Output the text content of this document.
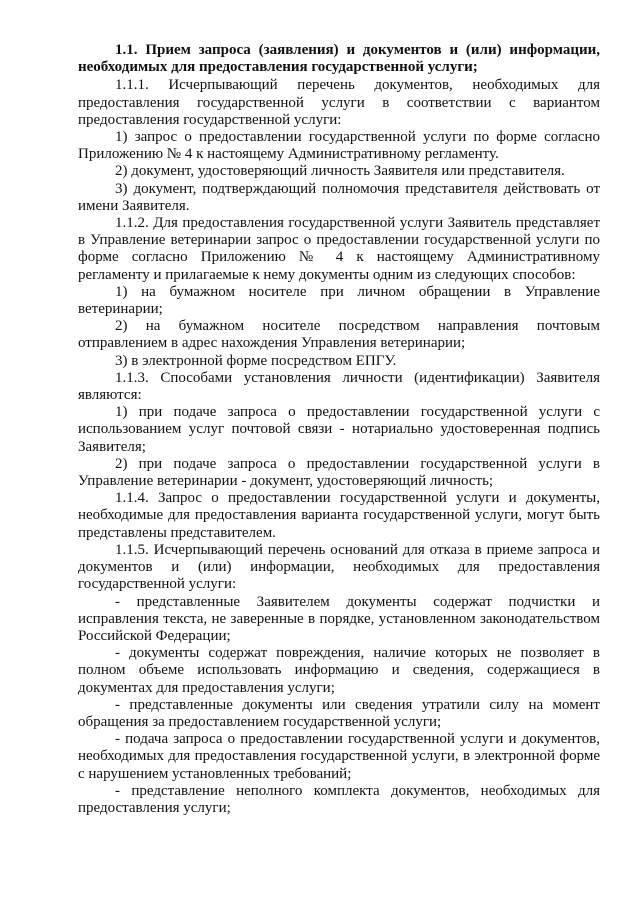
1.1. Прием запроса (заявления) и документов и (или) информации, необходимых для предоставления государственной услуги;

1.1.1. Исчерпывающий перечень документов, необходимых для предоставления государственной услуги в соответствии с вариантом предоставления государственной услуги:

1) запрос о предоставлении государственной услуги по форме согласно Приложению № 4 к настоящему Административному регламенту.

2) документ, удостоверяющий личность Заявителя или представителя.

3) документ, подтверждающий полномочия представителя действовать от имени Заявителя.

1.1.2. Для предоставления государственной услуги Заявитель представляет в Управление ветеринарии запрос о предоставлении государственной услуги по форме согласно Приложению № 4 к настоящему Административному регламенту и прилагаемые к нему документы одним из следующих способов:

1) на бумажном носителе при личном обращении в Управление ветеринарии;

2) на бумажном носителе посредством направления почтовым отправлением в адрес нахождения Управления ветеринарии;

3) в электронной форме посредством ЕПГУ.

1.1.3. Способами установления личности (идентификации) Заявителя являются:

1) при подаче запроса о предоставлении государственной услуги с использованием услуг почтовой связи - нотариально удостоверенная подпись Заявителя;

2) при подаче запроса о предоставлении государственной услуги в Управление ветеринарии - документ, удостоверяющий личность;

1.1.4. Запрос о предоставлении государственной услуги и документы, необходимые для предоставления варианта государственной услуги, могут быть представлены представителем.

1.1.5. Исчерпывающий перечень оснований для отказа в приеме запроса и документов и (или) информации, необходимых для предоставления государственной услуги:

- представленные Заявителем документы содержат подчистки и исправления текста, не заверенные в порядке, установленном законодательством Российской Федерации;

- документы содержат повреждения, наличие которых не позволяет в полном объеме использовать информацию и сведения, содержащиеся в документах для предоставления услуги;

- представленные документы или сведения утратили силу на момент обращения за предоставлением государственной услуги;

- подача запроса о предоставлении государственной услуги и документов, необходимых для предоставления государственной услуги, в электронной форме с нарушением установленных требований;

- представление неполного комплекта документов, необходимых для предоставления услуги;
